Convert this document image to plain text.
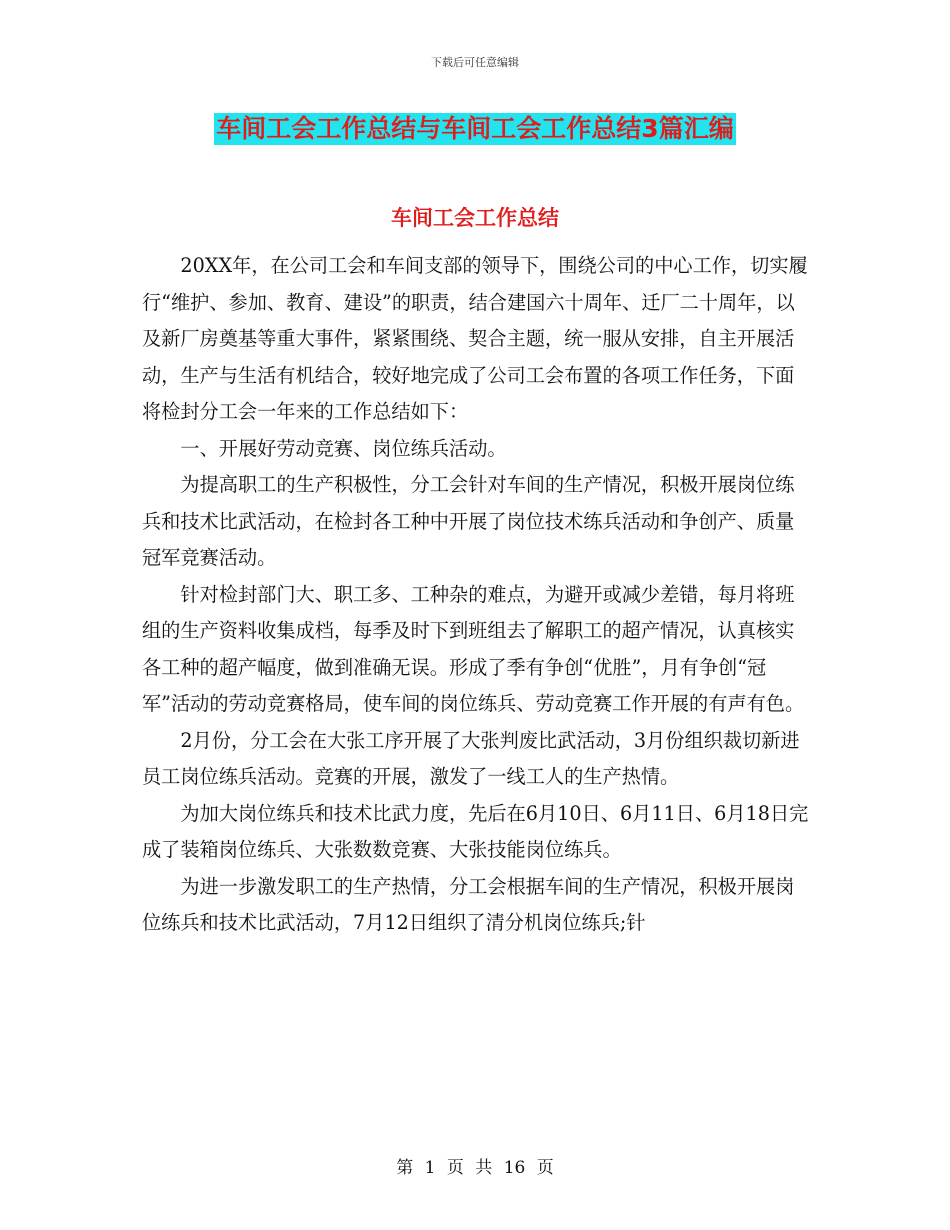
下载后可任意编辑
车间工会工作总结与车间工会工作总结3篇汇编
车间工会工作总结

20XX年，在公司工会和车间支部的领导下，围绕公司的中心工作，切实履行“维护、参加、教育、建设”的职责，结合建国六十周年、迁厂二十周年，以及新厂房奠基等重大事件，紧紧围绕、契合主题，统一服从安排，自主开展活动，生产与生活有机结合，较好地完成了公司工会布置的各项工作任务，下面将检封分工会一年来的工作总结如下：

一、开展好劳动竞赛、岗位练兵活动。

为提高职工的生产积极性，分工会针对车间的生产情况，积极开展岗位练兵和技术比武活动，在检封各工种中开展了岗位技术练兵活动和争创产、质量冠军竞赛活动。

针对检封部门大、职工多、工种杂的难点，为避开或减少差错，每月将班组的生产资料收集成档，每季及时下到班组去了解职工的超产情况，认真核实各工种的超产幅度，做到准确无误。形成了季有争创“优胜”，月有争创“冠军”活动的劳动竞赛格局，使车间的岗位练兵、劳动竞赛工作开展的有声有色。

2月份，分工会在大张工序开展了大张判废比武活动，3月份组织裁切新进员工岗位练兵活动。竞赛的开展，激发了一线工人的生产热情。

为加大岗位练兵和技术比武力度，先后在6月10日、6月11日、6月18日完成了装箱岗位练兵、大张数数竞赛、大张技能岗位练兵。

为进一步激发职工的生产热情，分工会根据车间的生产情况，积极开展岗位练兵和技术比武活动，7月12日组织了清分机岗位练兵;针

第 1 页 共 16 页
